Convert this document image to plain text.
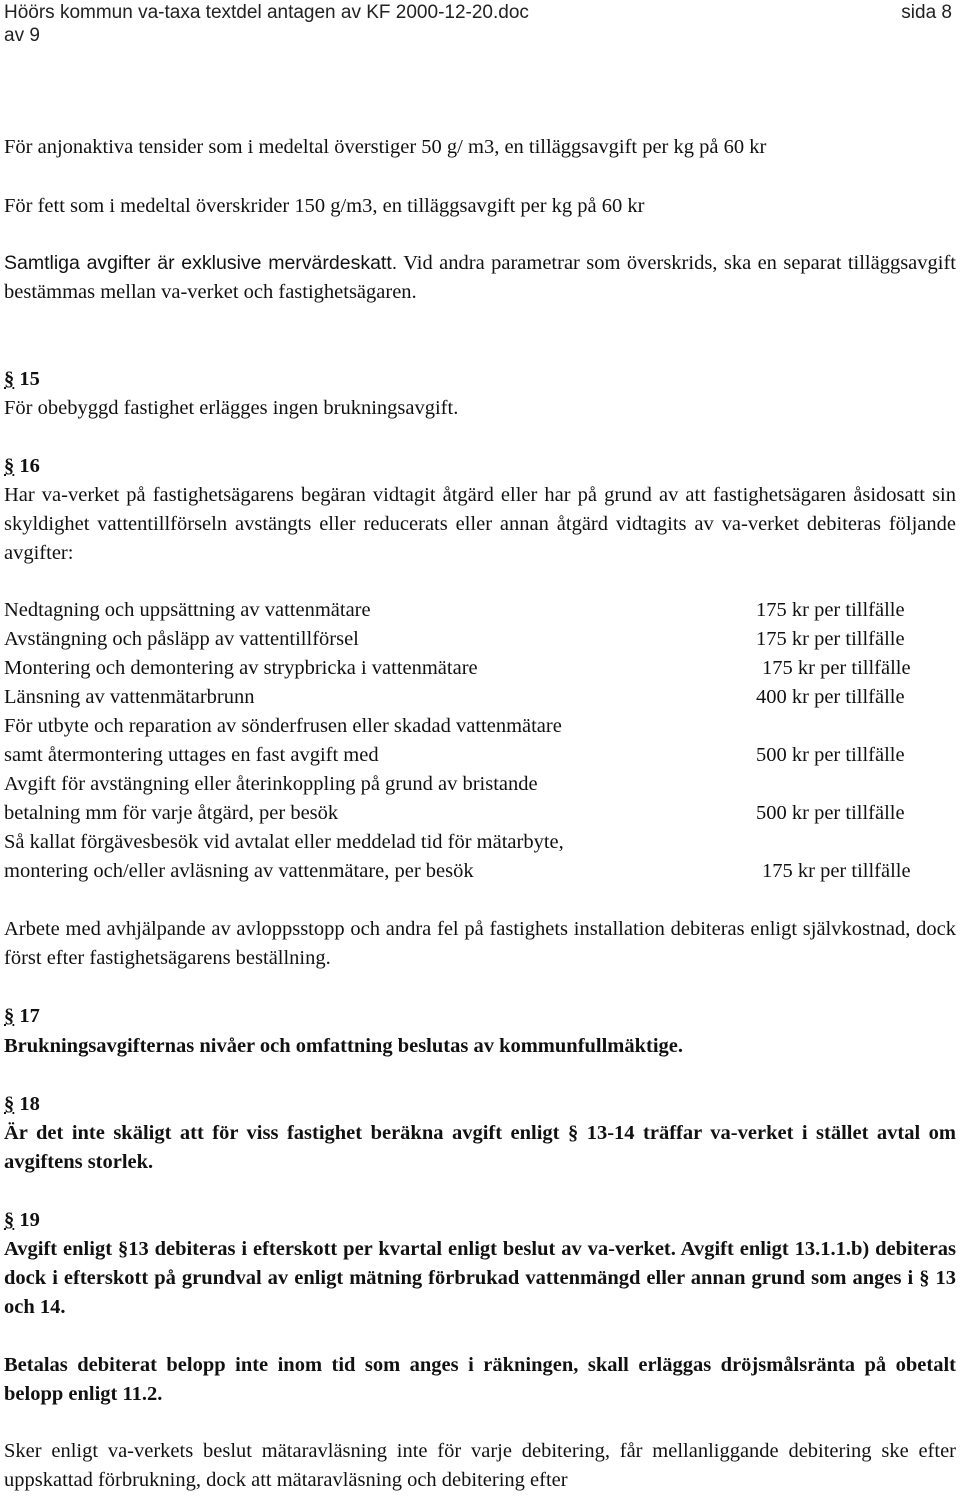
Höörs kommun va-taxa textdel antagen av KF 2000-12-20.doc	sida 8
av 9

För anjonaktiva tensider som i medeltal överstiger 50 g/ m3, en tilläggsavgift per kg på 60 kr

För fett som i medeltal överskrider 150 g/m3, en tilläggsavgift per kg på 60 kr

Samtliga avgifter är exklusive mervärdeskatt. Vid andra parametrar som överskrids, ska en separat tilläggsavgift bestämmas mellan va-verket och fastighetsägaren.

§ 15

För obebyggd fastighet erlägges ingen brukningsavgift.

§ 16

Har va-verket på fastighetsägarens begäran vidtagit åtgärd eller har på grund av att fastighetsägaren åsidosatt sin skyldighet vattentillförseln avstängts eller reducerats eller annan åtgärd vidtagits av va-verket debiteras följande avgifter:

Nedtagning och uppsättning av vattenmätare	175 kr per tillfälle
Avstängning och påsläpp av vattentillförsel	175 kr per tillfälle
Montering och demontering av strypbricka i vattenmätare	175 kr per tillfälle
Länsning av vattenmätarbrunn	400 kr per tillfälle
För utbyte och reparation av sönderfrusen eller skadad vattenmätare
samt återmontering uttages en fast avgift med	500 kr per tillfälle
Avgift för avstängning eller återinkoppling på grund av bristande
betalning mm för varje åtgärd, per besök	500 kr per tillfälle
Så kallat förgävesbesök vid avtalat eller meddelad tid för mätarbyte,
montering och/eller avläsning av vattenmätare, per besök	175 kr per tillfälle

Arbete med avhjälpande av avloppsstopp och andra fel på fastighets installation debiteras enligt självkostnad, dock först efter fastighetsägarens beställning.

§ 17

Brukningsavgifternas nivåer och omfattning beslutas av kommunfullmäktige.

§ 18

Är det inte skäligt att för viss fastighet beräkna avgift enligt § 13-14 träffar va-verket i stället avtal om avgiftens storlek.

§ 19

Avgift enligt §13 debiteras i efterskott per kvartal enligt beslut av va-verket. Avgift enligt 13.1.1.b) debiteras dock i efterskott på grundval av enligt mätning förbrukad vattenmängd eller annan grund som anges i § 13 och 14.

Betalas debiterat belopp inte inom tid som anges i räkningen, skall erläggas dröjsmålsränta på obetalt belopp enligt 11.2.

Sker enligt va-verkets beslut mätaravläsning inte för varje debitering, får mellanliggande debitering ske efter uppskattad förbrukning, dock att mätaravläsning och debitering efter
